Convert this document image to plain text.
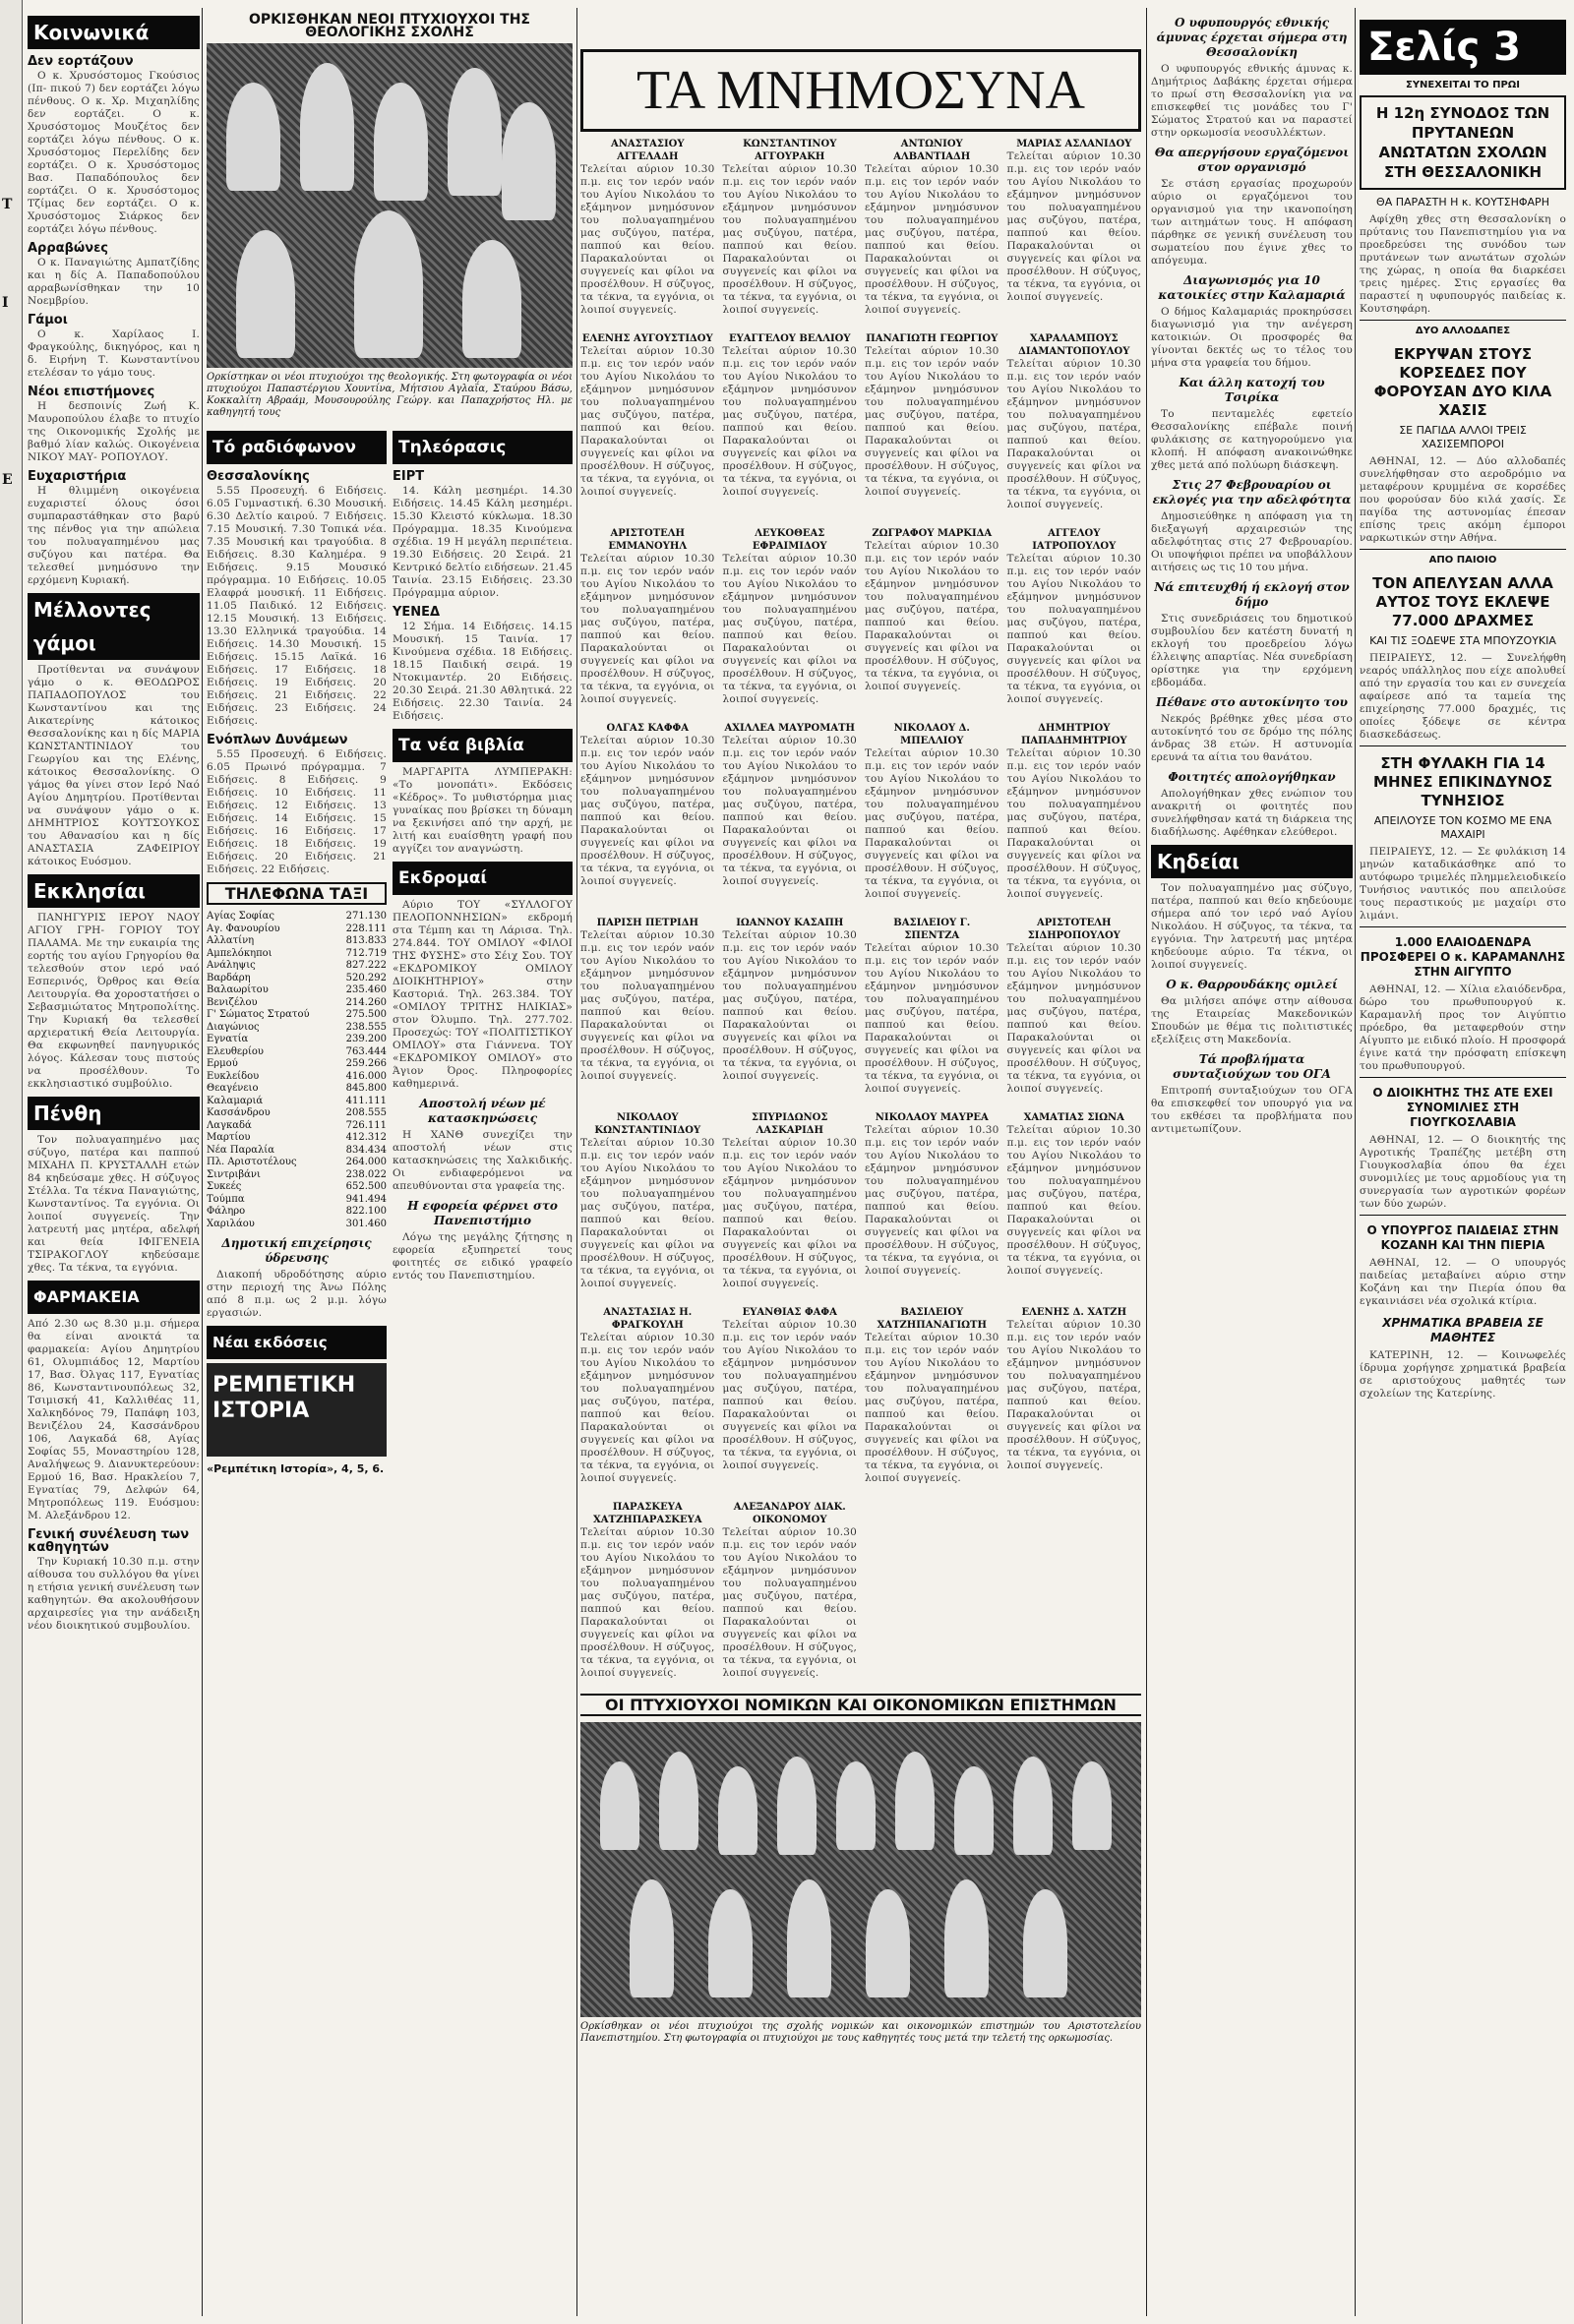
Τ
Ι
Ε
Κοινωνικά
Δεν εορτάζουν

Ο κ. Χρυσόστομος Γκούσιος (Ιπ- πικού 7) δεν εορτάζει λόγω πένθους. Ο κ. Χρ. Μιχαηλίδης δεν εορτάζει. Ο κ. Χρυσόστομος Μουζέτος δεν εορτάζει λόγω πένθους. Ο κ. Χρυσόστομος Περελίδης δεν εορτάζει. Ο κ. Χρυσόστομος Βασ. Παπαδόπουλος δεν εορτάζει. Ο κ. Χρυσόστομος Τζίμας δεν εορτάζει. Ο κ. Χρυσόστομος Σιάρκος δεν εορτάζει λόγω πένθους.

Αρραβώνες

Ο κ. Παναγιώτης Αμπατζίδης και η δίς Α. Παπαδοπούλου αρραβωνίσθηκαν την 10 Νοεμβρίου.

Γάμοι

Ο κ. Χαρίλαος Ι. Φραγκούλης, δικηγόρος, και η δ. Ειρήνη Τ. Κωνσταντίνου ετελέσαν το γάμο τους.

Νέοι επιστήμονες

Η δεσποινίς Ζωή Κ. Μαυροπούλου έλαβε το πτυχίο της Οικονομικής Σχολής με βαθμό λίαν καλώς. Οικογένεια ΝΙΚΟΥ ΜΑΥ- ΡΟΠΟΥΛΟΥ.

Ευχαριστήρια

Η θλιμμένη οικογένεια ευχαριστεί όλους όσοι συμπαραστάθηκαν στο βαρύ της πένθος για την απώλεια του πολυαγαπημένου μας συζύγου και πατέρα. Θα τελεσθεί μνημόσυνο την ερχόμενη Κυριακή.

Μέλλοντες γάμοι

Προτίθενται να συνάψουν γάμο ο κ. ΘΕΟΔΩΡΟΣ ΠΑΠΑΔΟΠΟΥΛΟΣ του Κωνσταντίνου και της Αικατερίνης κάτοικος Θεσσαλονίκης και η δίς ΜΑΡΙΑ ΚΩΝΣΤΑΝΤΙΝΙΔΟΥ του Γεωργίου και της Ελένης, κάτοικος Θεσσαλονίκης. Ο γάμος θα γίνει στον Ιερό Ναό Αγίου Δημητρίου. Προτίθενται να συνάψουν γάμο ο κ. ΔΗΜΗΤΡΙΟΣ ΚΟΥΤΣΟΥΚΟΣ του Αθανασίου και η δίς ΑΝΑΣΤΑΣΙΑ ΖΑΦΕΙΡΙΟΥ κάτοικος Ευόσμου.

Εκκλησίαι

ΠΑΝΗΓΥΡΙΣ ΙΕΡΟΥ ΝΑΟΥ ΑΓΙΟΥ ΓΡΗ- ΓΟΡΙΟΥ ΤΟΥ ΠΑΛΑΜΑ. Με την ευκαιρία της εορτής του αγίου Γρηγορίου θα τελεσθούν στον ιερό ναό Εσπερινός, Όρθρος και Θεία Λειτουργία. Θα χοροστατήσει ο Σεβασμιώτατος Μητροπολίτης. Την Κυριακή θα τελεσθεί αρχιερατική Θεία Λειτουργία. Θα εκφωνηθεί πανηγυρικός λόγος. Κάλεσαν τους πιστούς να προσέλθουν. Το εκκλησιαστικό συμβούλιο.

Πένθη

Τον πολυαγαπημένο μας σύζυγο, πατέρα και παππού ΜΙΧΑΗΛ Π. ΚΡΥΣΤΑΛΛΗ ετών 84 κηδεύσαμε χθες. Η σύζυγος Στέλλα. Τα τέκνα Παναγιώτης, Κωνσταντίνος. Τα εγγόνια. Οι λοιποί συγγενείς. Την λατρευτή μας μητέρα, αδελφή και θεία ΙΦΙΓΕΝΕΙΑ ΤΣΙΡΑΚΟΓΛΟΥ κηδεύσαμε χθες. Τα τέκνα, τα εγγόνια.

ΦΑΡΜΑΚΕΙΑ

Από 2.30 ως 8.30 μ.μ. σήμερα θα είναι ανοικτά τα φαρμακεία: Αγίου Δημητρίου 61, Ολυμπιάδος 12, Μαρτίου 17, Βασ. Όλγας 117, Εγνατίας 86, Κωνσταντινουπόλεως 32, Τσιμισκή 41, Καλλιθέας 11, Χαλκηδόνος 79, Παπάφη 103, Βενιζέλου 24, Κασσάνδρου 106, Λαγκαδά 68, Αγίας Σοφίας 55, Μοναστηρίου 128, Αναλήψεως 9. Διανυκτερεύουν: Ερμού 16, Βασ. Ηρακλείου 7, Εγνατίας 79, Δελφών 64, Μητροπόλεως 119. Ευόσμου: Μ. Αλεξάνδρου 12.

Γενική συνέλευση των καθηγητών

Την Κυριακή 10.30 π.μ. στην αίθουσα του συλλόγου θα γίνει η ετήσια γενική συνέλευση των καθηγητών. Θα ακολουθήσουν αρχαιρεσίες για την ανάδειξη νέου διοικητικού συμβουλίου.

ΟΡΚΙΣΘΗΚΑΝ ΝΕΟΙ ΠΤΥΧΙΟΥΧΟΙ ΤΗΣ ΘΕΟΛΟΓΙΚΗΣ ΣΧΟΛΗΣ

Ορκίστηκαν οι νέοι πτυχιούχοι της θεολογικής. Στη φωτογραφία οι νέοι πτυχιούχοι Παπαστέργιου Χουντίνα, Μήτσιου Αγλαΐα, Σταύρου Βάσω, Κοκκαλίτη Αβραάμ, Μουσουρούλης Γεώργ. και Παπαχρήστος Ηλ. με καθηγητή τους

Τό ραδιόφωνον
Θεσσαλονίκης

5.55 Προσευχή. 6 Ειδήσεις. 6.05 Γυμναστική. 6.30 Μουσική. 6.30 Δελτίο καιρού. 7 Ειδήσεις. 7.15 Μουσική. 7.30 Τοπικά νέα. 7.35 Μουσική και τραγούδια. 8 Ειδήσεις. 8.30 Καλημέρα. 9 Ειδήσεις. 9.15 Μουσικό πρόγραμμα. 10 Ειδήσεις. 10.05 Ελαφρά μουσική. 11 Ειδήσεις. 11.05 Παιδικό. 12 Ειδήσεις. 12.15 Μουσική. 13 Ειδήσεις. 13.30 Ελληνικά τραγούδια. 14 Ειδήσεις. 14.30 Μουσική. 15 Ειδήσεις. 15.15 Λαϊκά. 16 Ειδήσεις. 17 Ειδήσεις. 18 Ειδήσεις. 19 Ειδήσεις. 20 Ειδήσεις. 21 Ειδήσεις. 22 Ειδήσεις. 23 Ειδήσεις. 24 Ειδήσεις.

Ενόπλων Δυνάμεων

5.55 Προσευχή. 6 Ειδήσεις. 6.05 Πρωινό πρόγραμμα. 7 Ειδήσεις. 8 Ειδήσεις. 9 Ειδήσεις. 10 Ειδήσεις. 11 Ειδήσεις. 12 Ειδήσεις. 13 Ειδήσεις. 14 Ειδήσεις. 15 Ειδήσεις. 16 Ειδήσεις. 17 Ειδήσεις. 18 Ειδήσεις. 19 Ειδήσεις. 20 Ειδήσεις. 21 Ειδήσεις. 22 Ειδήσεις.

ΤΗΛΕΦΩΝΑ ΤΑΞΙ
Αγίας Σοφίας	271.130
Αγ. Φανουρίου	228.111
Αλλατίνη	813.833
Αμπελόκηποι	712.719
Ανάληψις	827.222
Βαρδάρη	520.292
Βαλαωρίτου	235.460
Βενιζέλου	214.260
Γ' Σώματος Στρατού	275.500
Διαγώνιος	238.555
Εγνατία	239.200
Ελευθερίου	763.444
Ερμού	259.266
Ευκλείδου	416.000
Θεαγένειο	845.800
Καλαμαριά	411.111
Κασσάνδρου	208.555
Λαγκαδά	726.111
Μαρτίου	412.312
Νέα Παραλία	834.434
Πλ. Αριστοτέλους	264.000
Σιντριβάνι	238.022
Συκεές	652.500
Τούμπα	941.494
Φάληρο	822.100
Χαριλάου	301.460
Δημοτική επιχείρησις ύδρευσης

Διακοπή υδροδότησης αύριο στην περιοχή της Άνω Πόλης από 8 π.μ. ως 2 μ.μ. λόγω εργασιών.

Νέαι εκδόσεις
ΡΕΜΠΕΤΙΚΗ ΙΣΤΟΡΙΑ
«Ρεμπέτικη Ιστορία», 4, 5, 6.
Τηλεόρασις
ΕΙΡΤ

14. Κάλη μεσημέρι. 14.30 Ειδήσεις. 14.45 Κάλη μεσημέρι. 15.30 Κλειστό κύκλωμα. 18.30 Πρόγραμμα. 18.35 Κινούμενα σχέδια. 19 Η μεγάλη περιπέτεια. 19.30 Ειδήσεις. 20 Σειρά. 21 Κεντρικό δελτίο ειδήσεων. 21.45 Ταινία. 23.15 Ειδήσεις. 23.30 Πρόγραμμα αύριον.

ΥΕΝΕΔ

12 Σήμα. 14 Ειδήσεις. 14.15 Μουσική. 15 Ταινία. 17 Κινούμενα σχέδια. 18 Ειδήσεις. 18.15 Παιδική σειρά. 19 Ντοκιμαντέρ. 20 Ειδήσεις. 20.30 Σειρά. 21.30 Αθλητικά. 22 Ειδήσεις. 22.30 Ταινία. 24 Ειδήσεις.

Τα νέα βιβλία

ΜΑΡΓΑΡΙΤΑ ΛΥΜΠΕΡΑΚΗ: «Το μονοπάτι». Εκδόσεις «Κέδρος». Το μυθιστόρημα μιας γυναίκας που βρίσκει τη δύναμη να ξεκινήσει από την αρχή, με λιτή και ευαίσθητη γραφή που αγγίζει τον αναγνώστη.

Εκδρομαί

Αύριο ΤΟΥ «ΣΥΛΛΟΓΟΥ ΠΕΛΟΠΟΝΝΗΣΙΩΝ» εκδρομή στα Τέμπη και τη Λάρισα. Τηλ. 274.844. ΤΟΥ ΟΜΙΛΟΥ «ΦΙΛΟΙ ΤΗΣ ΦΥΣΗΣ» στο Σέιχ Σου. ΤΟΥ «ΕΚΔΡΟΜΙΚΟΥ ΟΜΙΛΟΥ ΔΙΟΙΚΗΤΗΡΙΟΥ» στην Καστοριά. Τηλ. 263.384. ΤΟΥ «ΟΜΙΛΟΥ ΤΡΙΤΗΣ ΗΛΙΚΙΑΣ» στον Όλυμπο. Τηλ. 277.702. Προσεχώς: ΤΟΥ «ΠΟΛΙΤΙΣΤΙΚΟΥ ΟΜΙΛΟΥ» στα Γιάννενα. ΤΟΥ «ΕΚΔΡΟΜΙΚΟΥ ΟΜΙΛΟΥ» στο Άγιον Όρος. Πληροφορίες καθημερινά.

Αποστολή νέων μέ κατασκηνώσεις

Η ΧΑΝΘ συνεχίζει την αποστολή νέων στις κατασκηνώσεις της Χαλκιδικής. Οι ενδιαφερόμενοι να απευθύνονται στα γραφεία της.

Η εφορεία φέρνει στο Πανεπιστήμιο

Λόγω της μεγάλης ζήτησης η εφορεία εξυπηρετεί τους φοιτητές σε ειδικό γραφείο εντός του Πανεπιστημίου.

ΤΑ ΜΝΗΜΟΣΥΝΑ

ΑΝΑΣΤΑΣΙΟΥ ΑΓΓΕΛΑΔΗ
Τελείται αύριον 10.30 π.μ. εις τον ιερόν ναόν του Αγίου Νικολάου το εξάμηνον μνημόσυνον του πολυαγαπημένου μας συζύγου, πατέρα, παππού και θείου. Παρακαλούνται οι συγγενείς και φίλοι να προσέλθουν. Η σύζυγος, τα τέκνα, τα εγγόνια, οι λοιποί συγγενείς.

ΚΩΝΣΤΑΝΤΙΝΟΥ ΑΓΓΟΥΡΑΚΗ
Τελείται αύριον 10.30 π.μ. εις τον ιερόν ναόν του Αγίου Νικολάου το εξάμηνον μνημόσυνον του πολυαγαπημένου μας συζύγου, πατέρα, παππού και θείου. Παρακαλούνται οι συγγενείς και φίλοι να προσέλθουν. Η σύζυγος, τα τέκνα, τα εγγόνια, οι λοιποί συγγενείς.

ΑΝΤΩΝΙΟΥ ΑΛΒΑΝΤΙΑΔΗ
Τελείται αύριον 10.30 π.μ. εις τον ιερόν ναόν του Αγίου Νικολάου το εξάμηνον μνημόσυνον του πολυαγαπημένου μας συζύγου, πατέρα, παππού και θείου. Παρακαλούνται οι συγγενείς και φίλοι να προσέλθουν. Η σύζυγος, τα τέκνα, τα εγγόνια, οι λοιποί συγγενείς.

ΜΑΡΙΑΣ ΑΣΛΑΝΙΔΟΥ
Τελείται αύριον 10.30 π.μ. εις τον ιερόν ναόν του Αγίου Νικολάου το εξάμηνον μνημόσυνον του πολυαγαπημένου μας συζύγου, πατέρα, παππού και θείου. Παρακαλούνται οι συγγενείς και φίλοι να προσέλθουν. Η σύζυγος, τα τέκνα, τα εγγόνια, οι λοιποί συγγενείς.

ΕΛΕΝΗΣ ΑΥΓΟΥΣΤΙΔΟΥ
Τελείται αύριον 10.30 π.μ. εις τον ιερόν ναόν του Αγίου Νικολάου το εξάμηνον μνημόσυνον του πολυαγαπημένου μας συζύγου, πατέρα, παππού και θείου. Παρακαλούνται οι συγγενείς και φίλοι να προσέλθουν. Η σύζυγος, τα τέκνα, τα εγγόνια, οι λοιποί συγγενείς.

ΕΥΑΓΓΕΛΟΥ ΒΕΛΛΙΟΥ
Τελείται αύριον 10.30 π.μ. εις τον ιερόν ναόν του Αγίου Νικολάου το εξάμηνον μνημόσυνον του πολυαγαπημένου μας συζύγου, πατέρα, παππού και θείου. Παρακαλούνται οι συγγενείς και φίλοι να προσέλθουν. Η σύζυγος, τα τέκνα, τα εγγόνια, οι λοιποί συγγενείς.

ΠΑΝΑΓΙΩΤΗ ΓΕΩΡΓΙΟΥ
Τελείται αύριον 10.30 π.μ. εις τον ιερόν ναόν του Αγίου Νικολάου το εξάμηνον μνημόσυνον του πολυαγαπημένου μας συζύγου, πατέρα, παππού και θείου. Παρακαλούνται οι συγγενείς και φίλοι να προσέλθουν. Η σύζυγος, τα τέκνα, τα εγγόνια, οι λοιποί συγγενείς.

ΧΑΡΑΛΑΜΠΟΥΣ ΔΙΑΜΑΝΤΟΠΟΥΛΟΥ
Τελείται αύριον 10.30 π.μ. εις τον ιερόν ναόν του Αγίου Νικολάου το εξάμηνον μνημόσυνον του πολυαγαπημένου μας συζύγου, πατέρα, παππού και θείου. Παρακαλούνται οι συγγενείς και φίλοι να προσέλθουν. Η σύζυγος, τα τέκνα, τα εγγόνια, οι λοιποί συγγενείς.

ΑΡΙΣΤΟΤΕΛΗ ΕΜΜΑΝΟΥΗΛ
Τελείται αύριον 10.30 π.μ. εις τον ιερόν ναόν του Αγίου Νικολάου το εξάμηνον μνημόσυνον του πολυαγαπημένου μας συζύγου, πατέρα, παππού και θείου. Παρακαλούνται οι συγγενείς και φίλοι να προσέλθουν. Η σύζυγος, τα τέκνα, τα εγγόνια, οι λοιποί συγγενείς.

ΛΕΥΚΟΘΕΑΣ ΕΦΡΑΙΜΙΔΟΥ
Τελείται αύριον 10.30 π.μ. εις τον ιερόν ναόν του Αγίου Νικολάου το εξάμηνον μνημόσυνον του πολυαγαπημένου μας συζύγου, πατέρα, παππού και θείου. Παρακαλούνται οι συγγενείς και φίλοι να προσέλθουν. Η σύζυγος, τα τέκνα, τα εγγόνια, οι λοιποί συγγενείς.

ΖΩΓΡΑΦΟΥ ΜΑΡΚΙΔΑ
Τελείται αύριον 10.30 π.μ. εις τον ιερόν ναόν του Αγίου Νικολάου το εξάμηνον μνημόσυνον του πολυαγαπημένου μας συζύγου, πατέρα, παππού και θείου. Παρακαλούνται οι συγγενείς και φίλοι να προσέλθουν. Η σύζυγος, τα τέκνα, τα εγγόνια, οι λοιποί συγγενείς.

ΑΓΓΕΛΟΥ ΙΑΤΡΟΠΟΥΛΟΥ
Τελείται αύριον 10.30 π.μ. εις τον ιερόν ναόν του Αγίου Νικολάου το εξάμηνον μνημόσυνον του πολυαγαπημένου μας συζύγου, πατέρα, παππού και θείου. Παρακαλούνται οι συγγενείς και φίλοι να προσέλθουν. Η σύζυγος, τα τέκνα, τα εγγόνια, οι λοιποί συγγενείς.

ΟΛΓΑΣ ΚΑΦΦΑ
Τελείται αύριον 10.30 π.μ. εις τον ιερόν ναόν του Αγίου Νικολάου το εξάμηνον μνημόσυνον του πολυαγαπημένου μας συζύγου, πατέρα, παππού και θείου. Παρακαλούνται οι συγγενείς και φίλοι να προσέλθουν. Η σύζυγος, τα τέκνα, τα εγγόνια, οι λοιποί συγγενείς.

ΑΧΙΛΛΕΑ ΜΑΥΡΟΜΑΤΗ
Τελείται αύριον 10.30 π.μ. εις τον ιερόν ναόν του Αγίου Νικολάου το εξάμηνον μνημόσυνον του πολυαγαπημένου μας συζύγου, πατέρα, παππού και θείου. Παρακαλούνται οι συγγενείς και φίλοι να προσέλθουν. Η σύζυγος, τα τέκνα, τα εγγόνια, οι λοιποί συγγενείς.

ΝΙΚΟΛΑΟΥ Δ. ΜΠΕΛΛΙΟΥ
Τελείται αύριον 10.30 π.μ. εις τον ιερόν ναόν του Αγίου Νικολάου το εξάμηνον μνημόσυνον του πολυαγαπημένου μας συζύγου, πατέρα, παππού και θείου. Παρακαλούνται οι συγγενείς και φίλοι να προσέλθουν. Η σύζυγος, τα τέκνα, τα εγγόνια, οι λοιποί συγγενείς.

ΔΗΜΗΤΡΙΟΥ ΠΑΠΑΔΗΜΗΤΡΙΟΥ
Τελείται αύριον 10.30 π.μ. εις τον ιερόν ναόν του Αγίου Νικολάου το εξάμηνον μνημόσυνον του πολυαγαπημένου μας συζύγου, πατέρα, παππού και θείου. Παρακαλούνται οι συγγενείς και φίλοι να προσέλθουν. Η σύζυγος, τα τέκνα, τα εγγόνια, οι λοιποί συγγενείς.

ΠΑΡΙΣΗ ΠΕΤΡΙΔΗ
Τελείται αύριον 10.30 π.μ. εις τον ιερόν ναόν του Αγίου Νικολάου το εξάμηνον μνημόσυνον του πολυαγαπημένου μας συζύγου, πατέρα, παππού και θείου. Παρακαλούνται οι συγγενείς και φίλοι να προσέλθουν. Η σύζυγος, τα τέκνα, τα εγγόνια, οι λοιποί συγγενείς.

ΙΩΑΝΝΟΥ ΚΑΣΑΠΗ
Τελείται αύριον 10.30 π.μ. εις τον ιερόν ναόν του Αγίου Νικολάου το εξάμηνον μνημόσυνον του πολυαγαπημένου μας συζύγου, πατέρα, παππού και θείου. Παρακαλούνται οι συγγενείς και φίλοι να προσέλθουν. Η σύζυγος, τα τέκνα, τα εγγόνια, οι λοιποί συγγενείς.

ΒΑΣΙΛΕΙΟΥ Γ. ΣΠΕΝΤΖΑ
Τελείται αύριον 10.30 π.μ. εις τον ιερόν ναόν του Αγίου Νικολάου το εξάμηνον μνημόσυνον του πολυαγαπημένου μας συζύγου, πατέρα, παππού και θείου. Παρακαλούνται οι συγγενείς και φίλοι να προσέλθουν. Η σύζυγος, τα τέκνα, τα εγγόνια, οι λοιποί συγγενείς.

ΑΡΙΣΤΟΤΕΛΗ ΣΙΔΗΡΟΠΟΥΛΟΥ
Τελείται αύριον 10.30 π.μ. εις τον ιερόν ναόν του Αγίου Νικολάου το εξάμηνον μνημόσυνον του πολυαγαπημένου μας συζύγου, πατέρα, παππού και θείου. Παρακαλούνται οι συγγενείς και φίλοι να προσέλθουν. Η σύζυγος, τα τέκνα, τα εγγόνια, οι λοιποί συγγενείς.

ΝΙΚΟΛΑΟΥ ΚΩΝΣΤΑΝΤΙΝΙΔΟΥ
Τελείται αύριον 10.30 π.μ. εις τον ιερόν ναόν του Αγίου Νικολάου το εξάμηνον μνημόσυνον του πολυαγαπημένου μας συζύγου, πατέρα, παππού και θείου. Παρακαλούνται οι συγγενείς και φίλοι να προσέλθουν. Η σύζυγος, τα τέκνα, τα εγγόνια, οι λοιποί συγγενείς.

ΣΠΥΡΙΔΩΝΟΣ ΛΑΣΚΑΡΙΔΗ
Τελείται αύριον 10.30 π.μ. εις τον ιερόν ναόν του Αγίου Νικολάου το εξάμηνον μνημόσυνον του πολυαγαπημένου μας συζύγου, πατέρα, παππού και θείου. Παρακαλούνται οι συγγενείς και φίλοι να προσέλθουν. Η σύζυγος, τα τέκνα, τα εγγόνια, οι λοιποί συγγενείς.

ΝΙΚΟΛΑΟΥ ΜΑΥΡΕΑ
Τελείται αύριον 10.30 π.μ. εις τον ιερόν ναόν του Αγίου Νικολάου το εξάμηνον μνημόσυνον του πολυαγαπημένου μας συζύγου, πατέρα, παππού και θείου. Παρακαλούνται οι συγγενείς και φίλοι να προσέλθουν. Η σύζυγος, τα τέκνα, τα εγγόνια, οι λοιποί συγγενείς.

ΧΑΜΑΤΙΑΣ ΣΙΩΝΑ
Τελείται αύριον 10.30 π.μ. εις τον ιερόν ναόν του Αγίου Νικολάου το εξάμηνον μνημόσυνον του πολυαγαπημένου μας συζύγου, πατέρα, παππού και θείου. Παρακαλούνται οι συγγενείς και φίλοι να προσέλθουν. Η σύζυγος, τα τέκνα, τα εγγόνια, οι λοιποί συγγενείς.

ΑΝΑΣΤΑΣΙΑΣ Η. ΦΡΑΓΚΟΥΛΗ
Τελείται αύριον 10.30 π.μ. εις τον ιερόν ναόν του Αγίου Νικολάου το εξάμηνον μνημόσυνον του πολυαγαπημένου μας συζύγου, πατέρα, παππού και θείου. Παρακαλούνται οι συγγενείς και φίλοι να προσέλθουν. Η σύζυγος, τα τέκνα, τα εγγόνια, οι λοιποί συγγενείς.

ΕΥΑΝΘΙΑΣ ΦΑΦΑ
Τελείται αύριον 10.30 π.μ. εις τον ιερόν ναόν του Αγίου Νικολάου το εξάμηνον μνημόσυνον του πολυαγαπημένου μας συζύγου, πατέρα, παππού και θείου. Παρακαλούνται οι συγγενείς και φίλοι να προσέλθουν. Η σύζυγος, τα τέκνα, τα εγγόνια, οι λοιποί συγγενείς.

ΒΑΣΙΛΕΙΟΥ ΧΑΤΖΗΠΑΝΑΓΙΩΤΗ
Τελείται αύριον 10.30 π.μ. εις τον ιερόν ναόν του Αγίου Νικολάου το εξάμηνον μνημόσυνον του πολυαγαπημένου μας συζύγου, πατέρα, παππού και θείου. Παρακαλούνται οι συγγενείς και φίλοι να προσέλθουν. Η σύζυγος, τα τέκνα, τα εγγόνια, οι λοιποί συγγενείς.

ΕΛΕΝΗΣ Δ. ΧΑΤΖΗ
Τελείται αύριον 10.30 π.μ. εις τον ιερόν ναόν του Αγίου Νικολάου το εξάμηνον μνημόσυνον του πολυαγαπημένου μας συζύγου, πατέρα, παππού και θείου. Παρακαλούνται οι συγγενείς και φίλοι να προσέλθουν. Η σύζυγος, τα τέκνα, τα εγγόνια, οι λοιποί συγγενείς.

ΠΑΡΑΣΚΕΥΑ ΧΑΤΖΗΠΑΡΑΣΚΕΥΑ
Τελείται αύριον 10.30 π.μ. εις τον ιερόν ναόν του Αγίου Νικολάου το εξάμηνον μνημόσυνον του πολυαγαπημένου μας συζύγου, πατέρα, παππού και θείου. Παρακαλούνται οι συγγενείς και φίλοι να προσέλθουν. Η σύζυγος, τα τέκνα, τα εγγόνια, οι λοιποί συγγενείς.

ΑΛΕΞΑΝΔΡΟΥ ΔΙΑΚ. ΟΙΚΟΝΟΜΟΥ
Τελείται αύριον 10.30 π.μ. εις τον ιερόν ναόν του Αγίου Νικολάου το εξάμηνον μνημόσυνον του πολυαγαπημένου μας συζύγου, πατέρα, παππού και θείου. Παρακαλούνται οι συγγενείς και φίλοι να προσέλθουν. Η σύζυγος, τα τέκνα, τα εγγόνια, οι λοιποί συγγενείς.

ΟΙ ΠΤΥΧΙΟΥΧΟΙ ΝΟΜΙΚΩΝ ΚΑΙ ΟΙΚΟΝΟΜΙΚΩΝ ΕΠΙΣΤΗΜΩΝ

Ορκίσθηκαν οι νέοι πτυχιούχοι της σχολής νομικών και οικονομικών επιστημών του Αριστοτελείου Πανεπιστημίου. Στη φωτογραφία οι πτυχιούχοι με τους καθηγητές τους μετά την τελετή της ορκωμοσίας.

Ο υφυπουργός εθνικής άμυνας έρχεται σήμερα στη Θεσσαλονίκη

Ο υφυπουργός εθνικής άμυνας κ. Δημήτριος Δαβάκης έρχεται σήμερα το πρωί στη Θεσσαλονίκη για να επισκεφθεί τις μονάδες του Γ' Σώματος Στρατού και να παραστεί στην ορκωμοσία νεοσυλλέκτων.

Θα απεργήσουν εργαζόμενοι στον οργανισμό

Σε στάση εργασίας προχωρούν αύριο οι εργαζόμενοι του οργανισμού για την ικανοποίηση των αιτημάτων τους. Η απόφαση πάρθηκε σε γενική συνέλευση του σωματείου που έγινε χθες το απόγευμα.

Διαγωνισμός για 10 κατοικίες στην Καλαμαριά

Ο δήμος Καλαμαριάς προκηρύσσει διαγωνισμό για την ανέγερση κατοικιών. Οι προσφορές θα γίνονται δεκτές ως το τέλος του μήνα στα γραφεία του δήμου.

Και άλλη κατοχή του Τσιρίκα

Το πενταμελές εφετείο Θεσσαλονίκης επέβαλε ποινή φυλάκισης σε κατηγορούμενο για κλοπή. Η απόφαση ανακοινώθηκε χθες μετά από πολύωρη διάσκεψη.

Στις 27 Φεβρουαρίου οι εκλογές για την αδελφότητα

Δημοσιεύθηκε η απόφαση για τη διεξαγωγή αρχαιρεσιών της αδελφότητας στις 27 Φεβρουαρίου. Οι υποψήφιοι πρέπει να υποβάλλουν αιτήσεις ως τις 10 του μήνα.

Νά επιτευχθή ή εκλογή στον δήμο

Στις συνεδριάσεις του δημοτικού συμβουλίου δεν κατέστη δυνατή η εκλογή του προεδρείου λόγω έλλειψης απαρτίας. Νέα συνεδρίαση ορίστηκε για την ερχόμενη εβδομάδα.

Πέθανε στο αυτοκίνητο του

Νεκρός βρέθηκε χθες μέσα στο αυτοκίνητό του σε δρόμο της πόλης άνδρας 38 ετών. Η αστυνομία ερευνά τα αίτια του θανάτου.

Φοιτητές απολογήθηκαν

Απολογήθηκαν χθες ενώπιον του ανακριτή οι φοιτητές που συνελήφθησαν κατά τη διάρκεια της διαδήλωσης. Αφέθηκαν ελεύθεροι.

Κηδείαι

Τον πολυαγαπημένο μας σύζυγο, πατέρα, παππού και θείο κηδεύουμε σήμερα από τον ιερό ναό Αγίου Νικολάου. Η σύζυγος, τα τέκνα, τα εγγόνια. Την λατρευτή μας μητέρα κηδεύουμε αύριο. Τα τέκνα, οι λοιποί συγγενείς.

Ο κ. Θαρρουδάκης ομιλεί

Θα μιλήσει απόψε στην αίθουσα της Εταιρείας Μακεδονικών Σπουδών με θέμα τις πολιτιστικές εξελίξεις στη Μακεδονία.

Τά προβλήματα συνταξιούχων του ΟΓΑ

Επιτροπή συνταξιούχων του ΟΓΑ θα επισκεφθεί τον υπουργό για να του εκθέσει τα προβλήματα που αντιμετωπίζουν.

Σελίς 3
ΣΥΝΕΧΕΙΤΑΙ ΤΟ ΠΡΩΙ
Η 12η ΣΥΝΟΔΟΣ ΤΩΝ ΠΡΥΤΑΝΕΩΝ ΑΝΩΤΑΤΩΝ ΣΧΟΛΩΝ ΣΤΗ ΘΕΣΣΑΛΟΝΙΚΗ
ΘΑ ΠΑΡΑΣΤΗ Η κ. ΚΟΥΤΣΗΦΑΡΗ

Αφίχθη χθες στη Θεσσαλονίκη ο πρύτανις του Πανεπιστημίου για να προεδρεύσει της συνόδου των πρυτάνεων των ανωτάτων σχολών της χώρας, η οποία θα διαρκέσει τρεις ημέρες. Στις εργασίες θα παραστεί η υφυπουργός παιδείας κ. Κουτσηφάρη.

ΔΥΟ ΑΛΛΟΔΑΠΕΣ
ΕΚΡΥΨΑΝ ΣΤΟΥΣ ΚΟΡΣΕΔΕΣ ΠΟΥ ΦΟΡΟΥΣΑΝ ΔΥΟ ΚΙΛΑ ΧΑΣΙΣ
ΣΕ ΠΑΓΙΔΑ ΑΛΛΟΙ ΤΡΕΙΣ ΧΑΣΙΣΕΜΠΟΡΟΙ

ΑΘΗΝΑΙ, 12. — Δύο αλλοδαπές συνελήφθησαν στο αεροδρόμιο να μεταφέρουν κρυμμένα σε κορσέδες που φορούσαν δύο κιλά χασίς. Σε παγίδα της αστυνομίας έπεσαν επίσης τρεις ακόμη έμποροι ναρκωτικών στην Αθήνα.

ΑΠΟ ΠΑΙΟΙΟ
ΤΟΝ ΑΠΕΛΥΣΑΝ ΑΛΛΑ ΑΥΤΟΣ ΤΟΥΣ ΕΚΛΕΨΕ 77.000 ΔΡΑΧΜΕΣ
ΚΑΙ ΤΙΣ ΞΟΔΕΨΕ ΣΤΑ ΜΠΟΥΖΟΥΚΙΑ

ΠΕΙΡΑΙΕΥΣ, 12. — Συνελήφθη νεαρός υπάλληλος που είχε απολυθεί από την εργασία του και εν συνεχεία αφαίρεσε από τα ταμεία της επιχείρησης 77.000 δραχμές, τις οποίες ξόδεψε σε κέντρα διασκεδάσεως.

ΣΤΗ ΦΥΛΑΚΗ ΓΙΑ 14 ΜΗΝΕΣ ΕΠΙΚΙΝΔΥΝΟΣ ΤΥΝΗΣΙΟΣ
ΑΠΕΙΛΟΥΣΕ ΤΟΝ ΚΟΣΜΟ ΜΕ ΕΝΑ ΜΑΧΑΙΡΙ

ΠΕΙΡΑΙΕΥΣ, 12. — Σε φυλάκιση 14 μηνών καταδικάσθηκε από το αυτόφωρο τριμελές πλημμελειοδικείο Τυνήσιος ναυτικός που απειλούσε τους περαστικούς με μαχαίρι στο λιμάνι.

1.000 ΕΛΑΙΟΔΕΝΔΡΑ ΠΡΟΣΦΕΡΕΙ Ο κ. ΚΑΡΑΜΑΝΛΗΣ ΣΤΗΝ ΑΙΓΥΠΤΟ

ΑΘΗΝΑΙ, 12. — Χίλια ελαιόδενδρα, δώρο του πρωθυπουργού κ. Καραμανλή προς τον Αιγύπτιο πρόεδρο, θα μεταφερθούν στην Αίγυπτο με ειδικό πλοίο. Η προσφορά έγινε κατά την πρόσφατη επίσκεψη του πρωθυπουργού.

Ο ΔΙΟΙΚΗΤΗΣ ΤΗΣ ΑΤΕ ΕΧΕΙ ΣΥΝΟΜΙΛΙΕΣ ΣΤΗ ΓΙΟΥΓΚΟΣΛΑΒΙΑ

ΑΘΗΝΑΙ, 12. — Ο διοικητής της Αγροτικής Τραπέζης μετέβη στη Γιουγκοσλαβία όπου θα έχει συνομιλίες με τους αρμοδίους για τη συνεργασία των αγροτικών φορέων των δύο χωρών.

Ο ΥΠΟΥΡΓΟΣ ΠΑΙΔΕΙΑΣ ΣΤΗΝ ΚΟΖΑΝΗ ΚΑΙ ΤΗΝ ΠΙΕΡΙΑ

ΑΘΗΝΑΙ, 12. — Ο υπουργός παιδείας μεταβαίνει αύριο στην Κοζάνη και την Πιερία όπου θα εγκαινιάσει νέα σχολικά κτίρια.

ΧΡΗΜΑΤΙΚΑ ΒΡΑΒΕΙΑ ΣΕ ΜΑΘΗΤΕΣ

ΚΑΤΕΡΙΝΗ, 12. — Κοινωφελές ίδρυμα χορήγησε χρηματικά βραβεία σε αριστούχους μαθητές των σχολείων της Κατερίνης.
